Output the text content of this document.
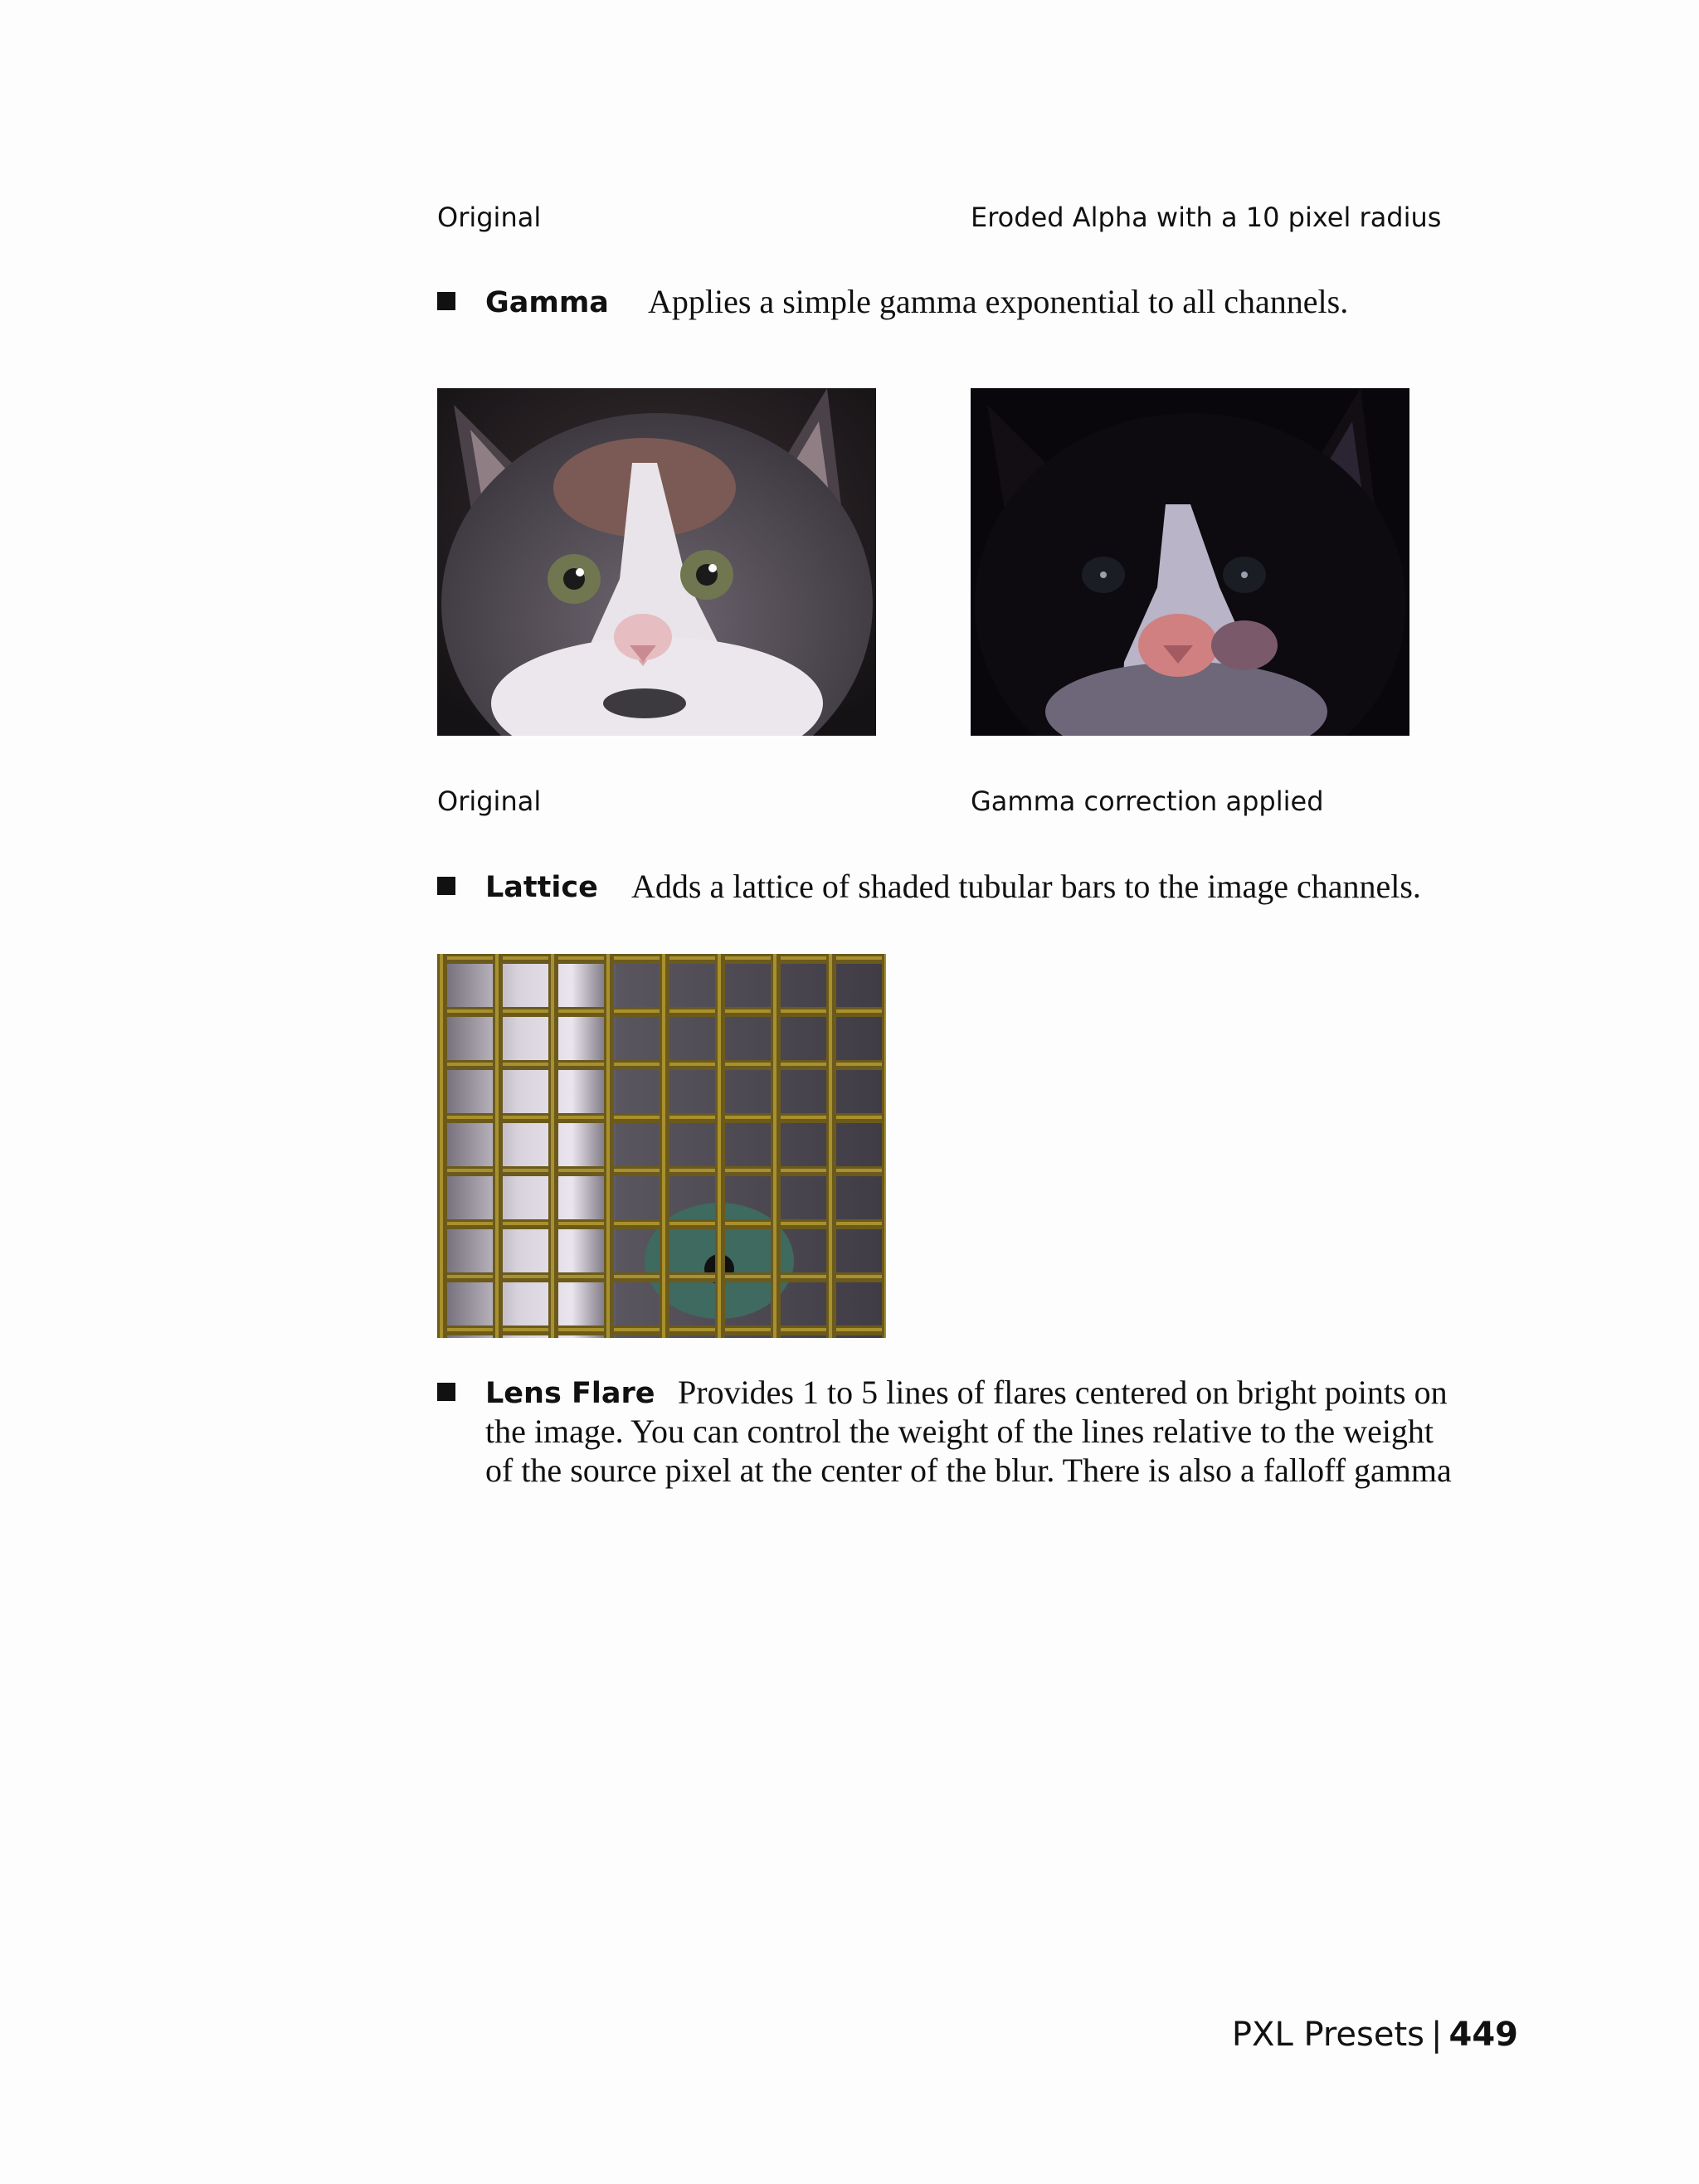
Original	Eroded Alpha with a 10 pixel radius
Gamma Applies a simple gamma exponential to all channels.
Original	Gamma correction applied
Lattice Adds a lattice of shaded tubular bars to the image channels.
Lens Flare Provides 1 to 5 lines of flares centered on bright points on
the image. You can control the weight of the lines relative to the weight
of the source pixel at the center of the blur. There is also a falloff gamma
PXL Presets | 449
